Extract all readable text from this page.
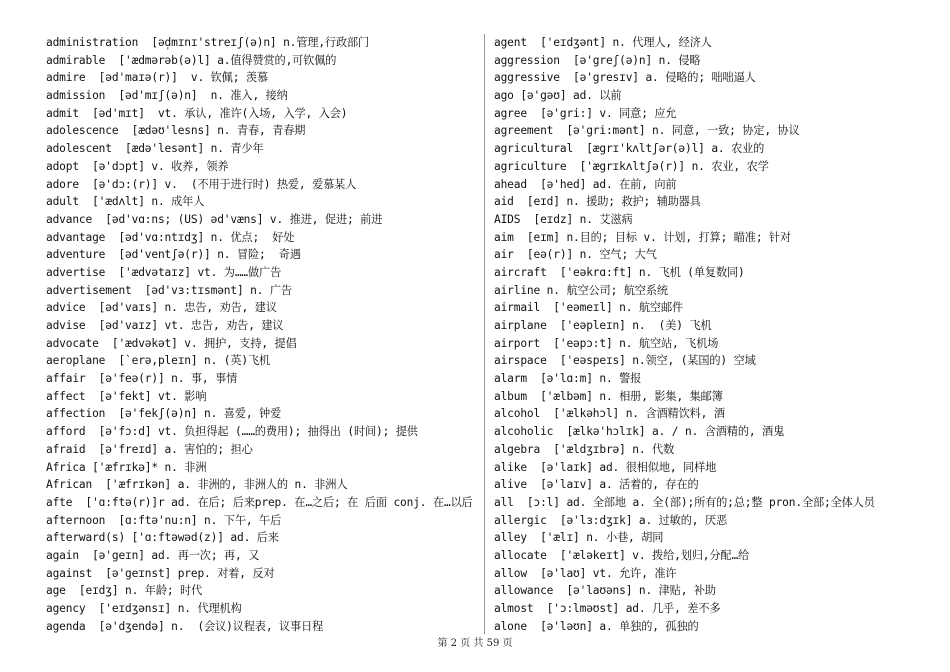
administration  [əd̩mɪnɪ'streɪʃ(ə)n] n.管理,行政部门
admirable  ['ædmərəb(ə)l] a.值得赞赏的,可钦佩的
admire  [əd'maɪə(r)]  v. 钦佩; 羡慕
admission  [əd'mɪʃ(ə)n]  n. 准入, 接纳
admit  [əd'mɪt]  vt. 承认, 准许(入场, 入学, 入会)
adolescence  [ædəʊ'lesns] n. 青春, 青春期
adolescent  [ædə'lesənt] n. 青少年
adopt  [ə'dɔpt] v. 收养, 领养
adore  [ə'dɔ:(r)] v.  (不用于进行时) 热爱, 爱慕某人
adult  ['ædʌlt] n. 成年人
advance  [əd'vɑ:ns; (US) əd'væns] v. 推进, 促进; 前进
advantage  [əd'vɑ:ntɪdʒ] n. 优点;  好处
adventure  [əd'ventʃə(r)] n. 冒险;  奇遇
advertise  ['ædvətaɪz] vt. 为……做广告
advertisement  [əd'vɜ:tɪsmənt] n. 广告
advice  [əd'vaɪs] n. 忠告, 劝告, 建议
advise  [əd'vaɪz] vt. 忠告, 劝告, 建议
advocate  ['ædvəkət] v. 拥护, 支持, 提倡
aeroplane  [`erə,pleɪn] n. (英)飞机
affair  [ə'feə(r)] n. 事, 事情
affect  [ə'fekt] vt. 影响
affection  [ə'fekʃ(ə)n] n. 喜爱, 钟爱
afford  [ə'fɔ:d] vt. 负担得起 (……的费用); 抽得出 (时间); 提供
afraid  [ə'freɪd] a. 害怕的; 担心
Africa ['æfrɪkə]* n. 非洲
African  ['æfrɪkən] a. 非洲的, 非洲人的 n. 非洲人
afte  ['ɑ:ftə(r)]r ad. 在后; 后来prep. 在…之后; 在 后面 conj. 在…以后
afternoon  [ɑ:ftə'nu:n] n. 下午, 午后
afterward(s) ['ɑ:ftəwəd(z)] ad. 后来
again  [ə'geɪn] ad. 再一次; 再, 又
against  [ə'geɪnst] prep. 对着, 反对
age  [eɪdʒ] n. 年龄; 时代
agency  ['eɪdʒənsɪ] n. 代理机构
agenda  [ə'dʒendə] n.  (会议)议程表, 议事日程
agent  ['eɪdʒənt] n. 代理人, 经济人
aggression  [ə'greʃ(ə)n] n. 侵略
aggressive  [ə'gresɪv] a. 侵略的; 咄咄逼人
ago [ə'gəʊ] ad. 以前
agree  [ə'gri:] v. 同意; 应允
agreement  [ə'gri:mənt] n. 同意, 一致; 协定, 协议
agricultural  [ægrɪ'kʌltʃər(ə)l] a. 农业的
agriculture  ['ægrɪkʌltʃə(r)] n. 农业, 农学
ahead  [ə'hed] ad. 在前, 向前
aid  [eɪd] n. 援助; 救护; 辅助器具
AIDS  [eɪdz] n. 艾滋病
aim  [eɪm] n.目的; 目标 v. 计划, 打算; 瞄准; 针对
air  [eə(r)] n. 空气; 大气
aircraft  ['eəkrɑ:ft] n. 飞机 (单复数同)
airline n. 航空公司; 航空系统
airmail  ['eəmeɪl] n. 航空邮件
airplane  ['eəpleɪn] n.  (美) 飞机
airport  ['eəpɔ:t] n. 航空站, 飞机场
airspace  ['eəspeɪs] n.领空, (某国的) 空域
alarm  [ə'lɑ:m] n. 警报
album  ['ælbəm] n. 相册, 影集, 集邮簿
alcohol  ['ælkəhɔl] n. 含酒精饮料, 酒
alcoholic  [ælkə'hɔlɪk] a. / n. 含酒精的, 酒鬼
algebra  ['ældʒɪbrə] n. 代数
alike  [ə'laɪk] ad. 很相似地, 同样地
alive  [ə'laɪv] a. 活着的, 存在的
all  [ɔ:l] ad. 全部地 a. 全(部);所有的;总;整 pron.全部;全体人员
allergic  [ə'lɜ:dʒɪk] a. 过敏的, 厌恶
alley  ['ælɪ] n. 小巷, 胡同
allocate  ['æləkeɪt] v. 拨给,划归,分配…给
allow  [ə'laʊ] vt. 允许, 准许
allowance  [ə'laʊəns] n. 津贴, 补助
almost  ['ɔ:lməʊst] ad. 几乎, 差不多
alone  [ə'ləʊn] a. 单独的, 孤独的
第 2 页 共 59 页
